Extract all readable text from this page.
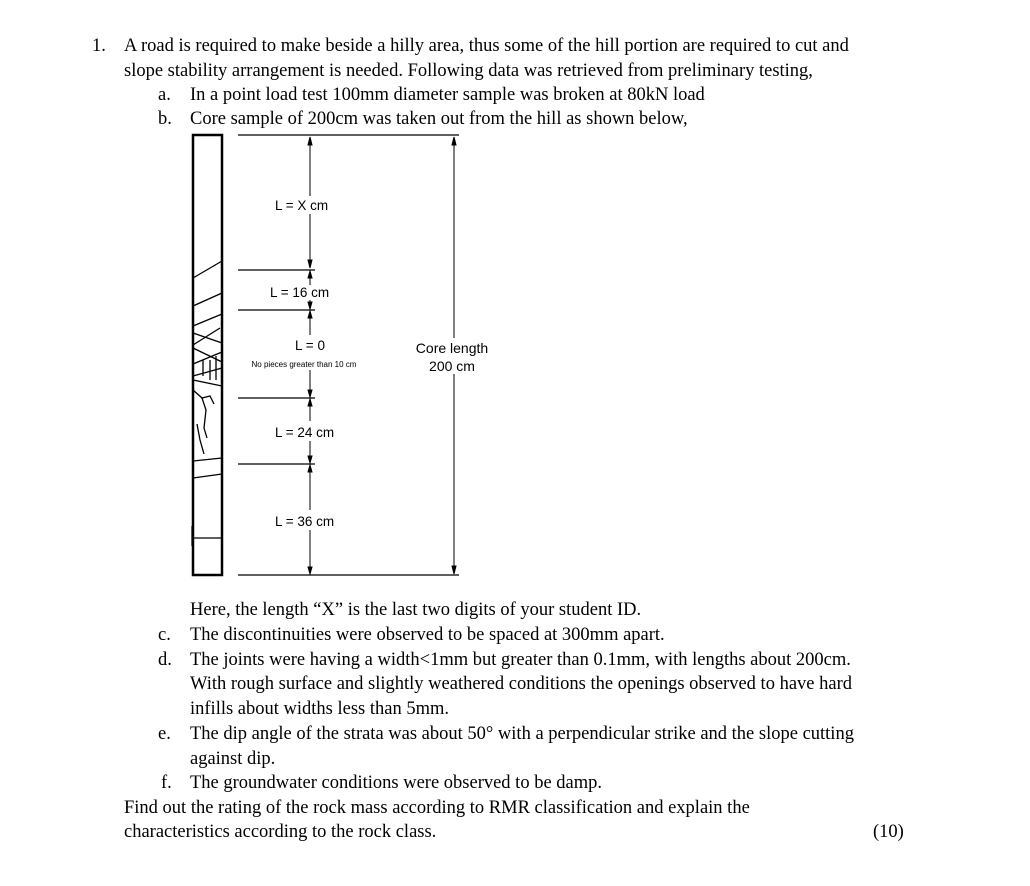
1. A road is required to make beside a hilly area, thus some of the hill portion are required to cut and
slope stability arrangement is needed. Following data was retrieved from preliminary testing,
a. In a point load test 100mm diameter sample was broken at 80kN load
b. Core sample of 200cm was taken out from the hill as shown below,
L = X cm
L = 16 cm
L = 0
No pieces greater than 10 cm
L = 24 cm
L = 36 cm
Core length
200 cm
Here, the length “X” is the last two digits of your student ID.
c. The discontinuities were observed to be spaced at 300mm apart.
d. The joints were having a width<1mm but greater than 0.1mm, with lengths about 200cm.
With rough surface and slightly weathered conditions the openings observed to have hard
infills about widths less than 5mm.
e. The dip angle of the strata was about 50° with a perpendicular strike and the slope cutting
against dip.
f. The groundwater conditions were observed to be damp.
Find out the rating of the rock mass according to RMR classification and explain the
characteristics according to the rock class.	(10)
